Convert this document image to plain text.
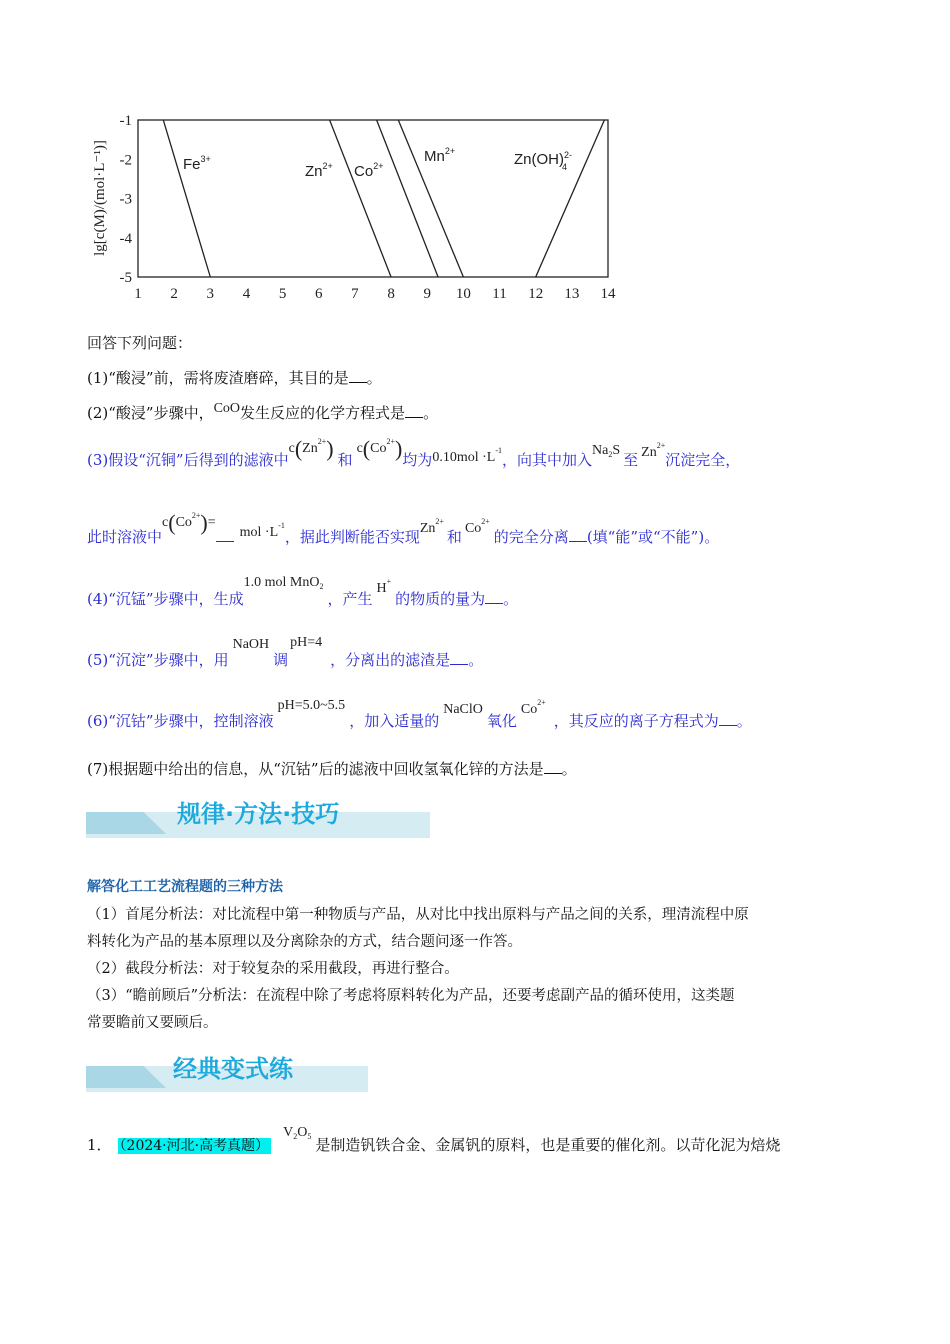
-1
-2
-3
-4
-5
1 2 3 4 5 6 7 8 9 10 11 12 13 14
lg[c(M)/(mol·L⁻¹)]	$Fe^{3+}$
$Zn^{2+}$ $Co^{2+}$
$Mn^{2+}$	Zn(OH)$^{2-}$4
回答下列问题：
(1)“酸浸”前，需将废渣磨碎，其目的是 。
(2)“酸浸”步骤中，CoO发生反应的化学方程式是 。
(3)假设“沉铜”后得到的滤液中$c(Zn^{2+})$ 和$c(Co^{2+})$均为$0.10mol \cdot L^{-1}$，向其中加入$Na_2S$至 $Zn^{2+}$沉淀完全，
此时溶液中$c(Co^{2+})=mol \cdot L^{-1}$，据此判断能否实现$Zn^{2+}$和 $Co^{2+}$的完全分离 (填“能”或“不能”)。
(4)“沉锰”步骤中，生成1.0 mol MnO$_2$，产生H+的物质的量为 。
(5)“沉淀”步骤中，用NaOH调pH=4，分离出的滤渣是 。
(6)“沉钴”步骤中，控制溶液pH=5.0~5.5，加入适量的NaClO氧化$Co^{2+}$，其反应的离子方程式为 。
(7)根据题中给出的信息，从“沉钴”后的滤液中回收氢氧化锌的方法是 。
规律·方法·技巧
解答化工工艺流程题的三种方法
（1）首尾分析法：对比流程中第一种物质与产品，从对比中找出原料与产品之间的关系，理清流程中原
料转化为产品的基本原理以及分离除杂的方式，结合题问逐一作答。
（2）截段分析法：对于较复杂的采用截段，再进行整合。
（3）“瞻前顾后”分析法：在流程中除了考虑将原料转化为产品，还要考虑副产品的循环使用，这类题
常要瞻前又要顾后。
经典变式练
1． （2024·河北·高考真题）$V_2O_5$ 是制造钒铁合金、金属钒的原料，也是重要的催化剂。以苛化泥为焙烧
